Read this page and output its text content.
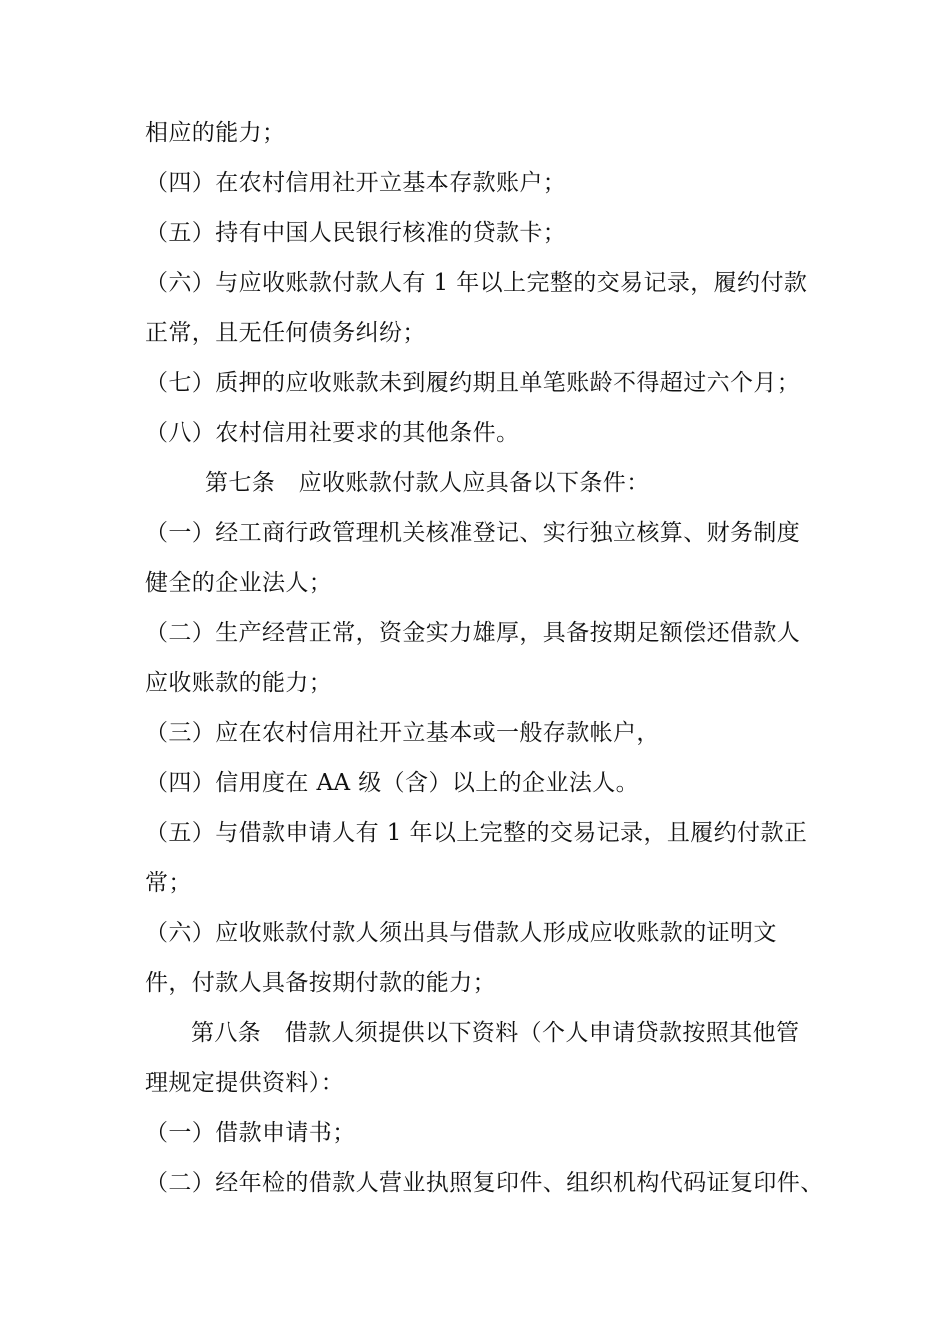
相应的能力；
（四）在农村信用社开立基本存款账户；
（五）持有中国人民银行核准的贷款卡；
（六）与应收账款付款人有 1 年以上完整的交易记录，履约付款
正常，且无任何债务纠纷；
（七）质押的应收账款未到履约期且单笔账龄不得超过六个月；
（八）农村信用社要求的其他条件。
第七条　应收账款付款人应具备以下条件：
（一）经工商行政管理机关核准登记、实行独立核算、财务制度
健全的企业法人；
（二）生产经营正常，资金实力雄厚，具备按期足额偿还借款人
应收账款的能力；
（三）应在农村信用社开立基本或一般存款帐户，
（四）信用度在 AA 级（含）以上的企业法人。
（五）与借款申请人有 1 年以上完整的交易记录，且履约付款正
常；
（六）应收账款付款人须出具与借款人形成应收账款的证明文
件，付款人具备按期付款的能力；
第八条　借款人须提供以下资料（个人申请贷款按照其他管
理规定提供资料）：
（一）借款申请书；
（二）经年检的借款人营业执照复印件、组织机构代码证复印件、
